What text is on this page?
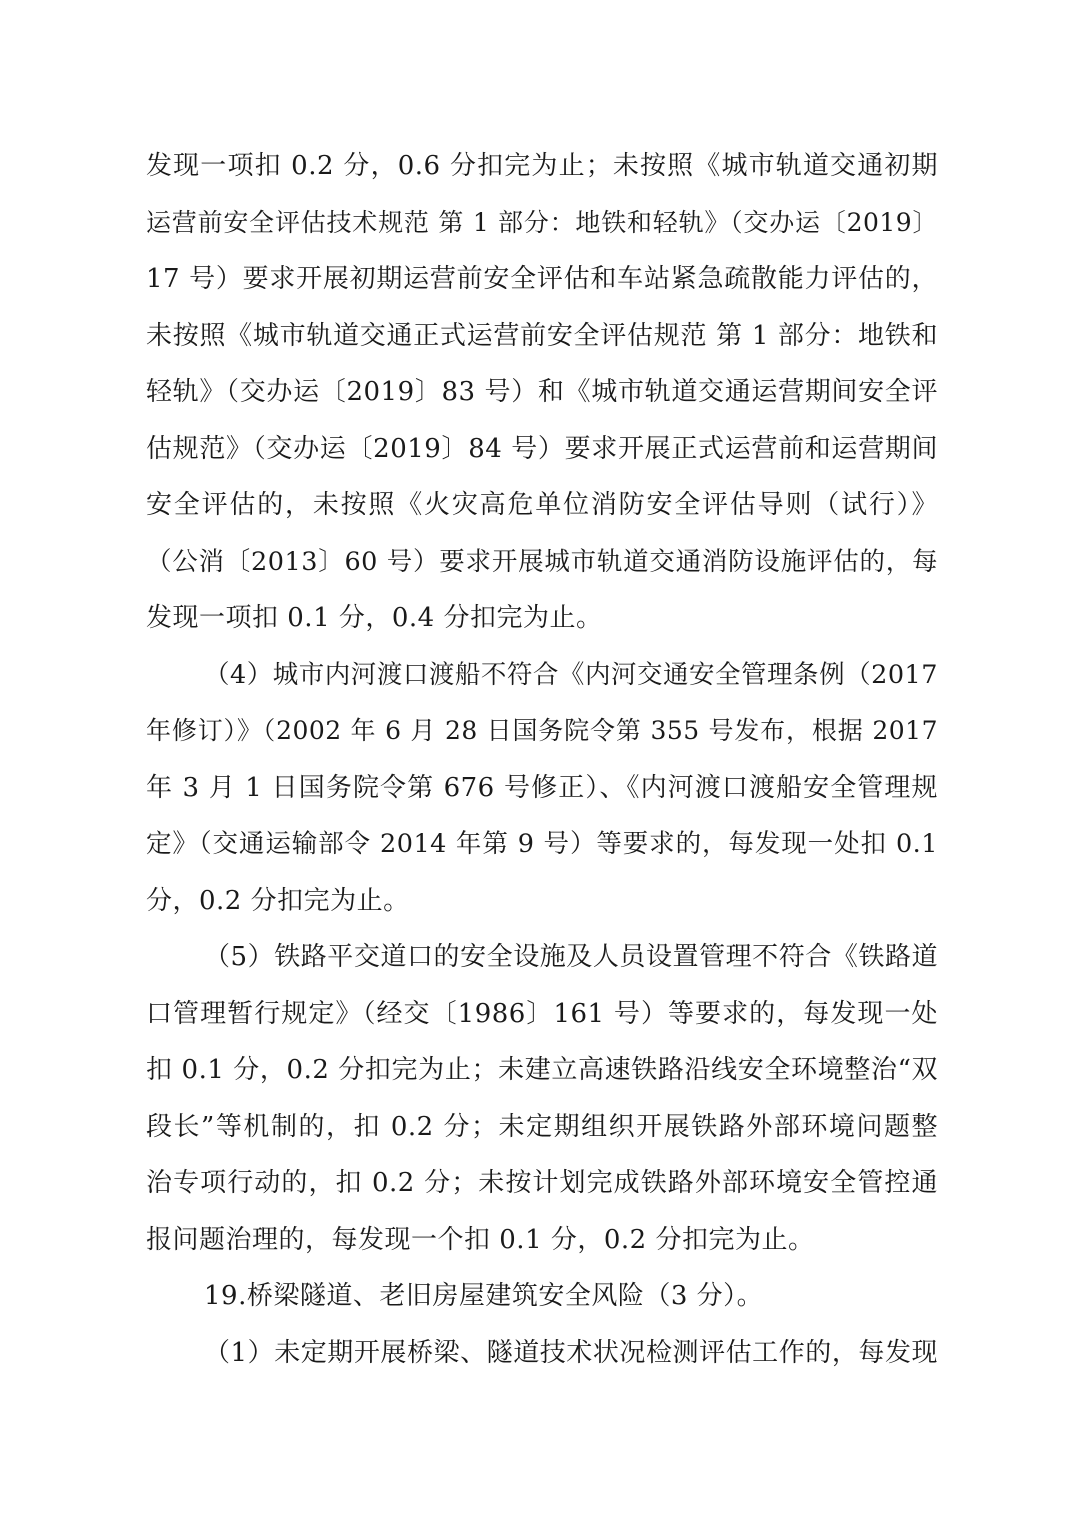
发现一项扣 0.2 分，0.6 分扣完为止；未按照《城市轨道交通初期
运营前安全评估技术规范 第 1 部分：地铁和轻轨》（交办运〔2019〕
17 号）要求开展初期运营前安全评估和车站紧急疏散能力评估的，
未按照《城市轨道交通正式运营前安全评估规范 第 1 部分：地铁和
轻轨》（交办运〔2019〕83 号）和《城市轨道交通运营期间安全评
估规范》（交办运〔2019〕84 号）要求开展正式运营前和运营期间
安全评估的，未按照《火灾高危单位消防安全评估导则（试行）》
（公消〔2013〕60 号）要求开展城市轨道交通消防设施评估的，每
发现一项扣 0.1 分，0.4 分扣完为止。
（4）城市内河渡口渡船不符合《内河交通安全管理条例（2017
年修订）》（2002 年 6 月 28 日国务院令第 355 号发布，根据 2017
年 3 月 1 日国务院令第 676 号修正）、《内河渡口渡船安全管理规
定》（交通运输部令 2014 年第 9 号）等要求的，每发现一处扣 0.1
分，0.2 分扣完为止。
（5）铁路平交道口的安全设施及人员设置管理不符合《铁路道
口管理暂行规定》（经交〔1986〕161 号）等要求的，每发现一处
扣 0.1 分，0.2 分扣完为止；未建立高速铁路沿线安全环境整治“双
段长”等机制的，扣 0.2 分；未定期组织开展铁路外部环境问题整
治专项行动的，扣 0.2 分；未按计划完成铁路外部环境安全管控通
报问题治理的，每发现一个扣 0.1 分，0.2 分扣完为止。
19.桥梁隧道、老旧房屋建筑安全风险（3 分）。
（1）未定期开展桥梁、隧道技术状况检测评估工作的，每发现
